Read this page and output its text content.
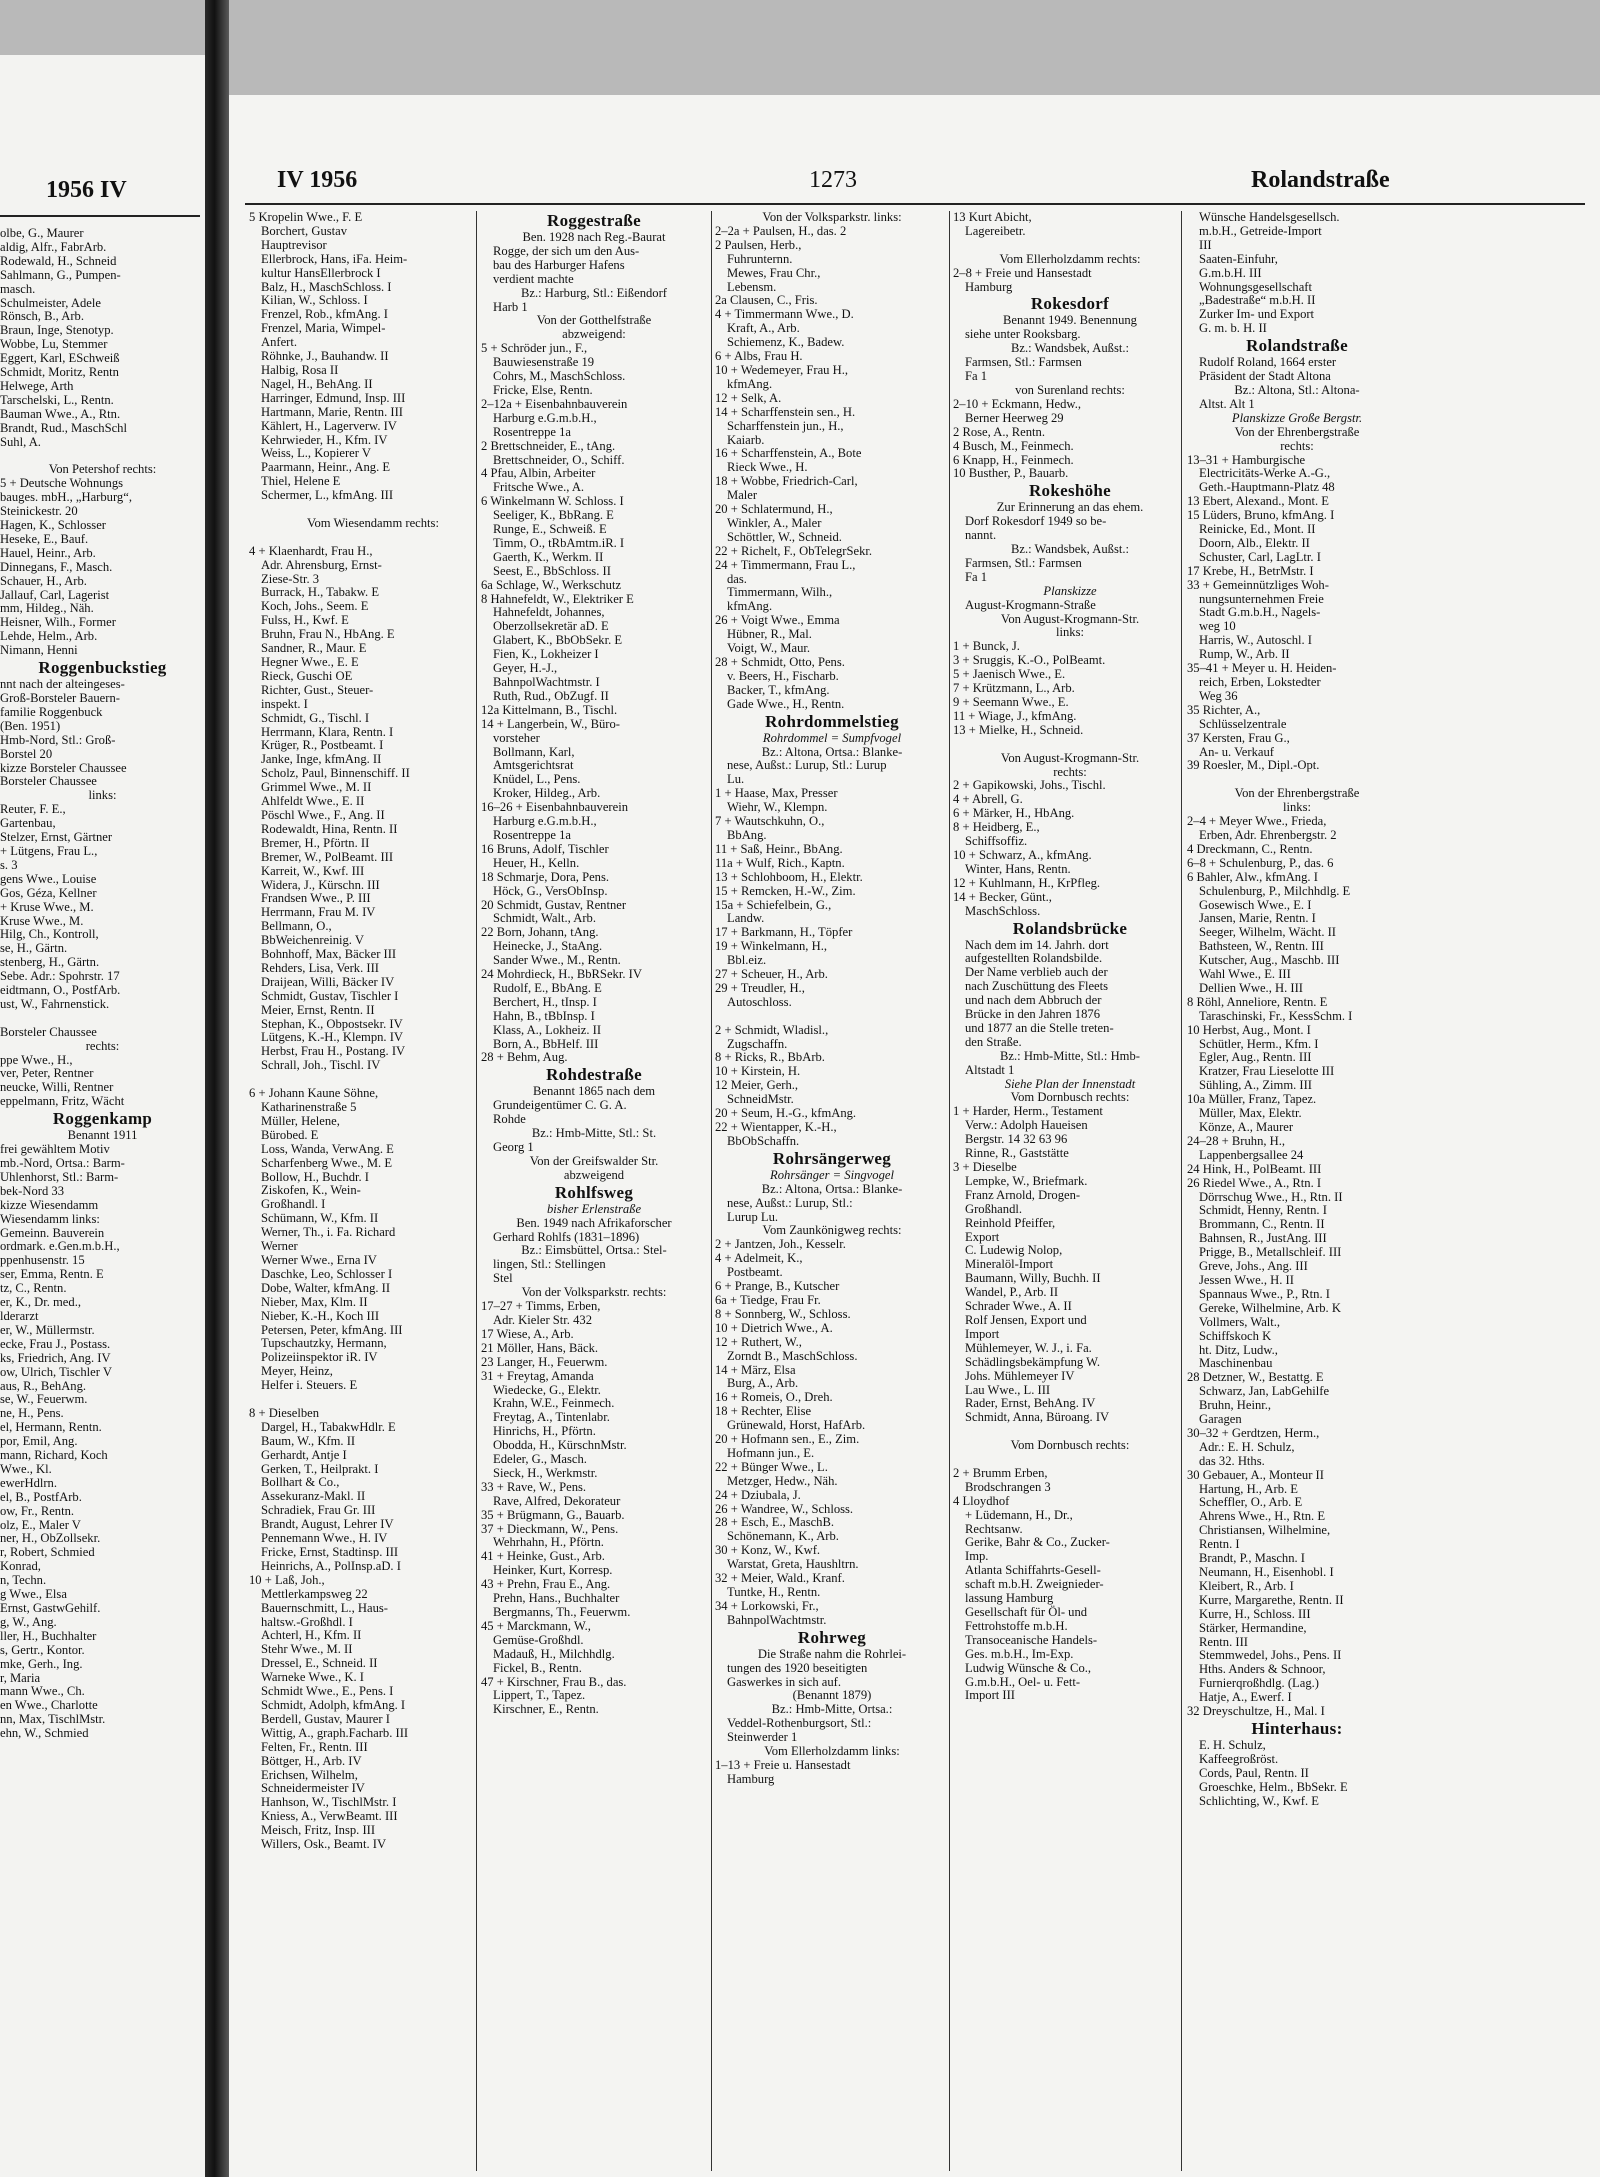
1956 IV

olbe, G., Maurer

aldig, Alfr., FabrArb.

Rodewald, H., Schneid

Sahlmann, G., Pumpen-

masch.

Schulmeister, Adele

Rönsch, B., Arb.

Braun, Inge, Stenotyp.

Wobbe, Lu, Stemmer

Eggert, Karl, ESchweiß

Schmidt, Moritz, Rentn

Helwege, Arth

Tarschelski, L., Rentn.

Bauman Wwe., A., Rtn.

Brandt, Rud., MaschSchl

Suhl, A.

Von Petershof rechts:

5 + Deutsche Wohnungs

bauges. mbH., „Harburg“,

Steinickestr. 20

Hagen, K., Schlosser

Heseke, E., Bauf.

Hauel, Heinr., Arb.

Dinnegans, F., Masch.

Schauer, H., Arb.

Jallauf, Carl, Lagerist

mm, Hildeg., Näh.

Heisner, Wilh., Former

Lehde, Helm., Arb.

Nimann, Henni

Roggenbuckstieg

nnt nach der alteingeses-

Groß-Borsteler Bauern-

familie Roggenbuck

(Ben. 1951)

Hmb-Nord, Stl.: Groß-

Borstel 20

kizze Borsteler Chaussee

Borsteler Chaussee

links:

Reuter, F. E.,

Gartenbau,

Stelzer, Ernst, Gärtner

+ Lütgens, Frau L.,

s. 3

gens Wwe., Louise

Gos, Géza, Kellner

+ Kruse Wwe., M.

Kruse Wwe., M.

Hilg, Ch., Kontroll,

se, H., Gärtn.

stenberg, H., Gärtn.

Sebe. Adr.: Spohrstr. 17

eidtmann, O., PostfArb.

ust, W., Fahrnenstick.

Borsteler Chaussee

rechts:

ppe Wwe., H.,

ver, Peter, Rentner

neucke, Willi, Rentner

eppelmann, Fritz, Wächt

Roggenkamp

Benannt 1911

frei gewähltem Motiv

mb.-Nord, Ortsa.: Barm-

Uhlenhorst, Stl.: Barm-

bek-Nord 33

kizze Wiesendamm

Wiesendamm links:

Gemeinn. Bauverein

ordmark. e.Gen.m.b.H.,

ppenhusenstr. 15

ser, Emma, Rentn. E

tz, C., Rentn.

er, K., Dr. med.,

lderarzt

er, W., Müllermstr.

ecke, Frau J., Postass.

ks, Friedrich, Ang. IV

ow, Ulrich, Tischler V

aus, R., BehAng.

se, W., Feuerwm.

ne, H., Pens.

el, Hermann, Rentn.

por, Emil, Ang.

mann, Richard, Koch

Wwe., Kl.

ewerHdlrn.

el, B., PostfArb.

ow, Fr., Rentn.

olz, E., Maler V

ner, H., ObZollsekr.

r, Robert, Schmied

Konrad,

n, Techn.

g Wwe., Elsa

Ernst, GastwGehilf.

g, W., Ang.

ller, H., Buchhalter

s, Gertr., Kontor.

mke, Gerh., Ing.

r, Maria

mann Wwe., Ch.

en Wwe., Charlotte

nn, Max, TischlMstr.

ehn, W., Schmied

IV 1956	1273	Rolandstraße

5 Kropelin Wwe., F. E

Borchert, Gustav

Hauptrevisor

Ellerbrock, Hans, iFa. Heim-

kultur HansEllerbrock I

Balz, H., MaschSchloss. I

Kilian, W., Schloss. I

Frenzel, Rob., kfmAng. I

Frenzel, Maria, Wimpel-

Anfert.

Röhnke, J., Bauhandw. II

Halbig, Rosa II

Nagel, H., BehAng. II

Harringer, Edmund, Insp. III

Hartmann, Marie, Rentn. III

Kählert, H., Lagerverw. IV

Kehrwieder, H., Kfm. IV

Weiss, L., Kopierer V

Paarmann, Heinr., Ang. E

Thiel, Helene E

Schermer, L., kfmAng. III

Vom Wiesendamm rechts:

4 + Klaenhardt, Frau H.,

Adr. Ahrensburg, Ernst-

Ziese-Str. 3

Burrack, H., Tabakw. E

Koch, Johs., Seem. E

Fulss, H., Kwf. E

Bruhn, Frau N., HbAng. E

Sandner, R., Maur. E

Hegner Wwe., E. E

Rieck, Guschi OE

Richter, Gust., Steuer-

inspekt. I

Schmidt, G., Tischl. I

Herrmann, Klara, Rentn. I

Krüger, R., Postbeamt. I

Janke, Inge, kfmAng. II

Scholz, Paul, Binnenschiff. II

Grimmel Wwe., M. II

Ahlfeldt Wwe., E. II

Pöschl Wwe., F., Ang. II

Rodewaldt, Hina, Rentn. II

Bremer, H., Pförtn. II

Bremer, W., PolBeamt. III

Karreit, W., Kwf. III

Widera, J., Kürschn. III

Frandsen Wwe., P. III

Herrmann, Frau M. IV

Bellmann, O.,

BbWeichenreinig. V

Bohnhoff, Max, Bäcker III

Rehders, Lisa, Verk. III

Draijean, Willi, Bäcker IV

Schmidt, Gustav, Tischler I

Meier, Ernst, Rentn. II

Stephan, K., Obpostsekr. IV

Lütgens, K.-H., Klempn. IV

Herbst, Frau H., Postang. IV

Schrall, Joh., Tischl. IV

6 + Johann Kaune Söhne,

Katharinenstraße 5

Müller, Helene,

Bürobed. E

Loss, Wanda, VerwAng. E

Scharfenberg Wwe., M. E

Bollow, H., Buchdr. I

Ziskofen, K., Wein-

Großhandl. I

Schümann, W., Kfm. II

Werner, Th., i. Fa. Richard

Werner

Werner Wwe., Erna IV

Daschke, Leo, Schlosser I

Dobe, Walter, kfmAng. II

Nieber, Max, Klm. II

Nieber, K.-H., Koch III

Petersen, Peter, kfmAng. III

Tupschautzky, Hermann,

Polizeiinspektor iR. IV

Meyer, Heinz,

Helfer i. Steuers. E

8 + Dieselben

Dargel, H., TabakwHdlr. E

Baum, W., Kfm. II

Gerhardt, Antje I

Gerken, T., Heilprakt. I

Bollhart & Co.,

Assekuranz-Makl. II

Schradiek, Frau Gr. III

Brandt, August, Lehrer IV

Pennemann Wwe., H. IV

Fricke, Ernst, Stadtinsp. III

Heinrichs, A., PolInsp.aD. I

10 + Laß, Joh.,

Mettlerkampsweg 22

Bauernschmitt, L., Haus-

haltsw.-Großhdl. I

Achterl, H., Kfm. II

Stehr Wwe., M. II

Dressel, E., Schneid. II

Warneke Wwe., K. I

Schmidt Wwe., E., Pens. I

Schmidt, Adolph, kfmAng. I

Berdell, Gustav, Maurer I

Wittig, A., graph.Facharb. III

Felten, Fr., Rentn. III

Böttger, H., Arb. IV

Erichsen, Wilhelm,

Schneidermeister IV

Hanhson, W., TischlMstr. I

Kniess, A., VerwBeamt. III

Meisch, Fritz, Insp. III

Willers, Osk., Beamt. IV

Roggestraße

Ben. 1928 nach Reg.-Baurat

Rogge, der sich um den Aus-

bau des Harburger Hafens

verdient machte

Bz.: Harburg, Stl.: Eißendorf

Harb 1

Von der Gotthelfstraße

abzweigend:

5 + Schröder jun., F.,

Bauwiesenstraße 19

Cohrs, M., MaschSchloss.

Fricke, Else, Rentn.

2–12a + Eisenbahnbauverein

Harburg e.G.m.b.H.,

Rosentreppe 1a

2 Brettschneider, E., tAng.

Brettschneider, O., Schiff.

4 Pfau, Albin, Arbeiter

Fritsche Wwe., A.

6 Winkelmann W. Schloss. I

Seeliger, K., BbRang. E

Runge, E., Schweiß. E

Timm, O., tRbAmtm.iR. I

Gaerth, K., Werkm. II

Seest, E., BbSchloss. II

6a Schlage, W., Werkschutz

8 Hahnefeldt, W., Elektriker E

Hahnefeldt, Johannes,

Oberzollsekretär aD. E

Glabert, K., BbObSekr. E

Fien, K., Lokheizer I

Geyer, H.-J.,

BahnpolWachtmstr. I

Ruth, Rud., ObZugf. II

12a Kittelmann, B., Tischl.

14 + Langerbein, W., Büro-

vorsteher

Bollmann, Karl,

Amtsgerichtsrat

Knüdel, L., Pens.

Kroker, Hildeg., Arb.

16–26 + Eisenbahnbauverein

Harburg e.G.m.b.H.,

Rosentreppe 1a

16 Bruns, Adolf, Tischler

Heuer, H., Kelln.

18 Schmarje, Dora, Pens.

Höck, G., VersObInsp.

20 Schmidt, Gustav, Rentner

Schmidt, Walt., Arb.

22 Born, Johann, tAng.

Heinecke, J., StaAng.

Sander Wwe., M., Rentn.

24 Mohrdieck, H., BbRSekr. IV

Rudolf, E., BbAng. E

Berchert, H., tInsp. I

Hahn, B., tBbInsp. I

Klass, A., Lokheiz. II

Born, A., BbHelf. III

28 + Behm, Aug.

Rohdestraße

Benannt 1865 nach dem

Grundeigentümer C. G. A.

Rohde

Bz.: Hmb-Mitte, Stl.: St.

Georg 1

Von der Greifswalder Str.

abzweigend

Rohlfsweg

bisher Erlenstraße

Ben. 1949 nach Afrikaforscher

Gerhard Rohlfs (1831–1896)

Bz.: Eimsbüttel, Ortsa.: Stel-

lingen, Stl.: Stellingen

Stel

Von der Volksparkstr. rechts:

17–27 + Timms, Erben,

Adr. Kieler Str. 432

17 Wiese, A., Arb.

21 Möller, Hans, Bäck.

23 Langer, H., Feuerwm.

31 + Freytag, Amanda

Wiedecke, G., Elektr.

Krahn, W.E., Feinmech.

Freytag, A., Tintenlabr.

Hinrichs, H., Pförtn.

Obodda, H., KürschnMstr.

Edeler, G., Masch.

Sieck, H., Werkmstr.

33 + Rave, W., Pens.

Rave, Alfred, Dekorateur

35 + Brügmann, G., Bauarb.

37 + Dieckmann, W., Pens.

Wehrhahn, H., Pförtn.

41 + Heinke, Gust., Arb.

Heinker, Kurt, Korresp.

43 + Prehn, Frau E., Ang.

Prehn, Hans., Buchhalter

Bergmanns, Th., Feuerwm.

45 + Marckmann, W.,

Gemüse-Großhdl.

Madauß, H., Milchhdlg.

Fickel, B., Rentn.

47 + Kirschner, Frau B., das.

Lippert, T., Tapez.

Kirschner, E., Rentn.

Von der Volksparkstr. links:

2–2a + Paulsen, H., das. 2

2 Paulsen, Herb.,

Fuhrunternn.

Mewes, Frau Chr.,

Lebensm.

2a Clausen, C., Fris.

4 + Timmermann Wwe., D.

Kraft, A., Arb.

Schiemenz, K., Badew.

6 + Albs, Frau H.

10 + Wedemeyer, Frau H.,

kfmAng.

12 + Selk, A.

14 + Scharffenstein sen., H.

Scharffenstein jun., H.,

Kaiarb.

16 + Scharffenstein, A., Bote

Rieck Wwe., H.

18 + Wobbe, Friedrich-Carl,

Maler

20 + Schlatermund, H.,

Winkler, A., Maler

Schöttler, W., Schneid.

22 + Richelt, F., ObTelegrSekr.

24 + Timmermann, Frau L.,

das.

Timmermann, Wilh.,

kfmAng.

26 + Voigt Wwe., Emma

Hübner, R., Mal.

Voigt, W., Maur.

28 + Schmidt, Otto, Pens.

v. Beers, H., Fischarb.

Backer, T., kfmAng.

Gade Wwe., H., Rentn.

Rohrdommelstieg

Rohrdommel = Sumpfvogel

Bz.: Altona, Ortsa.: Blanke-

nese, Außst.: Lurup, Stl.: Lurup

Lu.

1 + Haase, Max, Presser

Wiehr, W., Klempn.

7 + Wautschkuhn, O.,

BbAng.

11 + Saß, Heinr., BbAng.

11a + Wulf, Rich., Kaptn.

13 + Schlohboom, H., Elektr.

15 + Remcken, H.-W., Zim.

15a + Schiefelbein, G.,

Landw.

17 + Barkmann, H., Töpfer

19 + Winkelmann, H.,

Bbl.eiz.

27 + Scheuer, H., Arb.

29 + Treudler, H.,

Autoschloss.

2 + Schmidt, Wladisl.,

Zugschaffn.

8 + Ricks, R., BbArb.

10 + Kirstein, H.

12 Meier, Gerh.,

SchneidMstr.

20 + Seum, H.-G., kfmAng.

22 + Wientapper, K.-H.,

BbObSchaffn.

Rohrsängerweg

Rohrsänger = Singvogel

Bz.: Altona, Ortsa.: Blanke-

nese, Außst.: Lurup, Stl.:

Lurup Lu.

Vom Zaunkönigweg rechts:

2 + Jantzen, Joh., Kesselr.

4 + Adelmeit, K.,

Postbeamt.

6 + Prange, B., Kutscher

6a + Tiedge, Frau Fr.

8 + Sonnberg, W., Schloss.

10 + Dietrich Wwe., A.

12 + Ruthert, W.,

Zorndt B., MaschSchloss.

14 + März, Elsa

Burg, A., Arb.

16 + Romeis, O., Dreh.

18 + Rechter, Elise

Grünewald, Horst, HafArb.

20 + Hofmann sen., E., Zim.

Hofmann jun., E.

22 + Bünger Wwe., L.

Metzger, Hedw., Näh.

24 + Dziubala, J.

26 + Wandree, W., Schloss.

28 + Esch, E., MaschB.

Schönemann, K., Arb.

30 + Konz, W., Kwf.

Warstat, Greta, Haushltrn.

32 + Meier, Wald., Kranf.

Tuntke, H., Rentn.

34 + Lorkowski, Fr.,

BahnpolWachtmstr.

Rohrweg

Die Straße nahm die Rohrlei-

tungen des 1920 beseitigten

Gaswerkes in sich auf.

(Benannt 1879)

Bz.: Hmb-Mitte, Ortsa.:

Veddel-Rothenburgsort, Stl.:

Steinwerder 1

Vom Ellerholzdamm links:

1–13 + Freie u. Hansestadt

Hamburg

13 Kurt Abicht,

Lagereibetr.

Vom Ellerholzdamm rechts:

2–8 + Freie und Hansestadt

Hamburg

Rokesdorf

Benannt 1949. Benennung

siehe unter Rooksbarg.

Bz.: Wandsbek, Außst.:

Farmsen, Stl.: Farmsen

Fa 1

von Surenland rechts:

2–10 + Eckmann, Hedw.,

Berner Heerweg 29

2 Rose, A., Rentn.

4 Busch, M., Feinmech.

6 Knapp, H., Feinmech.

10 Busther, P., Bauarb.

Rokeshöhe

Zur Erinnerung an das ehem.

Dorf Rokesdorf 1949 so be-

nannt.

Bz.: Wandsbek, Außst.:

Farmsen, Stl.: Farmsen

Fa 1

Planskizze

August-Krogmann-Straße

Von August-Krogmann-Str.

links:

1 + Bunck, J.

3 + Sruggis, K.-O., PolBeamt.

5 + Jaenisch Wwe., E.

7 + Krützmann, L., Arb.

9 + Seemann Wwe., E.

11 + Wiage, J., kfmAng.

13 + Mielke, H., Schneid.

Von August-Krogmann-Str.

rechts:

2 + Gapikowski, Johs., Tischl.

4 + Abrell, G.

6 + Märker, H., HbAng.

8 + Heidberg, E.,

Schiffsoffiz.

10 + Schwarz, A., kfmAng.

Winter, Hans, Rentn.

12 + Kuhlmann, H., KrPfleg.

14 + Becker, Günt.,

MaschSchloss.

Rolandsbrücke

Nach dem im 14. Jahrh. dort

aufgestellten Rolandsbilde.

Der Name verblieb auch der

nach Zuschüttung des Fleets

und nach dem Abbruch der

Brücke in den Jahren 1876

und 1877 an die Stelle treten-

den Straße.

Bz.: Hmb-Mitte, Stl.: Hmb-

Altstadt 1

Siehe Plan der Innenstadt

Vom Dornbusch rechts:

1 + Harder, Herm., Testament

Verw.: Adolph Haueisen

Bergstr. 14 32 63 96

Rinne, R., Gaststätte

3 + Dieselbe

Lempke, W., Briefmark.

Franz Arnold, Drogen-

Großhandl.

Reinhold Pfeiffer,

Export

C. Ludewig Nolop,

Mineralöl-Import

Baumann, Willy, Buchh. II

Wandel, P., Arb. II

Schrader Wwe., A. II

Rolf Jensen, Export und

Import

Mühlemeyer, W. J., i. Fa.

Schädlingsbekämpfung W.

Johs. Mühlemeyer IV

Lau Wwe., L. III

Rader, Ernst, BehAng. IV

Schmidt, Anna, Büroang. IV

Vom Dornbusch rechts:

2 + Brumm Erben,

Brodschrangen 3

4 Lloydhof

+ Lüdemann, H., Dr.,

Rechtsanw.

Gerike, Bahr & Co., Zucker-

Imp.

Atlanta Schiffahrts-Gesell-

schaft m.b.H. Zweignieder-

lassung Hamburg

Gesellschaft für Öl- und

Fettrohstoffe m.b.H.

Transoceanische Handels-

Ges. m.b.H., Im-Exp.

Ludwig Wünsche & Co.,

G.m.b.H., Oel- u. Fett-

Import III

Wünsche Handelsgesellsch.

m.b.H., Getreide-Import

III

Saaten-Einfuhr,

G.m.b.H. III

Wohnungsgesellschaft

„Badestraße“ m.b.H. II

Zurker Im- und Export

G. m. b. H. II

Rolandstraße

Rudolf Roland, 1664 erster

Präsident der Stadt Altona

Bz.: Altona, Stl.: Altona-

Altst. Alt 1

Planskizze Große Bergstr.

Von der Ehrenbergstraße

rechts:

13–31 + Hamburgische

Electricitäts-Werke A.-G.,

Geth.-Hauptmann-Platz 48

13 Ebert, Alexand., Mont. E

15 Lüders, Bruno, kfmAng. I

Reinicke, Ed., Mont. II

Doorn, Alb., Elektr. II

Schuster, Carl, LagLtr. I

17 Krebe, H., BetrMstr. I

33 + Gemeinnützliges Woh-

nungsunternehmen Freie

Stadt G.m.b.H., Nagels-

weg 10

Harris, W., Autoschl. I

Rump, W., Arb. II

35–41 + Meyer u. H. Heiden-

reich, Erben, Lokstedter

Weg 36

35 Richter, A.,

Schlüsselzentrale

37 Kersten, Frau G.,

An- u. Verkauf

39 Roesler, M., Dipl.-Opt.

Von der Ehrenbergstraße

links:

2–4 + Meyer Wwe., Frieda,

Erben, Adr. Ehrenbergstr. 2

4 Dreckmann, C., Rentn.

6–8 + Schulenburg, P., das. 6

6 Bahler, Alw., kfmAng. I

Schulenburg, P., Milchhdlg. E

Gosewisch Wwe., E. I

Jansen, Marie, Rentn. I

Seeger, Wilhelm, Wächt. II

Bathsteen, W., Rentn. III

Kutscher, Aug., Maschb. III

Wahl Wwe., E. III

Dellien Wwe., H. III

8 Röhl, Anneliore, Rentn. E

Taraschinski, Fr., KessSchm. I

10 Herbst, Aug., Mont. I

Schütler, Herm., Kfm. I

Egler, Aug., Rentn. III

Kratzer, Frau Lieselotte III

Sühling, A., Zimm. III

10a Müller, Franz, Tapez.

Müller, Max, Elektr.

Könze, A., Maurer

24–28 + Bruhn, H.,

Lappenbergsallee 24

24 Hink, H., PolBeamt. III

26 Riedel Wwe., A., Rtn. I

Dörrschug Wwe., H., Rtn. II

Schmidt, Henny, Rentn. I

Brommann, C., Rentn. II

Bahnsen, R., JustAng. III

Prigge, B., Metallschleif. III

Greve, Johs., Ang. III

Jessen Wwe., H. II

Spannaus Wwe., P., Rtn. I

Gereke, Wilhelmine, Arb. K

Vollmers, Walt.,

Schiffskoch K

ht. Ditz, Ludw.,

Maschinenbau

28 Detzner, W., Bestattg. E

Schwarz, Jan, LabGehilfe

Bruhn, Heinr.,

Garagen

30–32 + Gerdtzen, Herm.,

Adr.: E. H. Schulz,

das 32. Hths.

30 Gebauer, A., Monteur II

Hartung, H., Arb. E

Scheffler, O., Arb. E

Ahrens Wwe., H., Rtn. E

Christiansen, Wilhelmine,

Rentn. I

Brandt, P., Maschn. I

Neumann, H., Eisenhobl. I

Kleibert, R., Arb. I

Kurre, Margarethe, Rentn. II

Kurre, H., Schloss. III

Stärker, Hermandine,

Rentn. III

Stemmwedel, Johs., Pens. II

Hths. Anders & Schnoor,

Furnierqroßhdlg. (Lag.)

Hatje, A., Ewerf. I

32 Dreyschultze, H., Mal. I

Hinterhaus:

E. H. Schulz,

Kaffeegroßröst.

Cords, Paul, Rentn. II

Groeschke, Helm., BbSekr. E

Schlichting, W., Kwf. E
